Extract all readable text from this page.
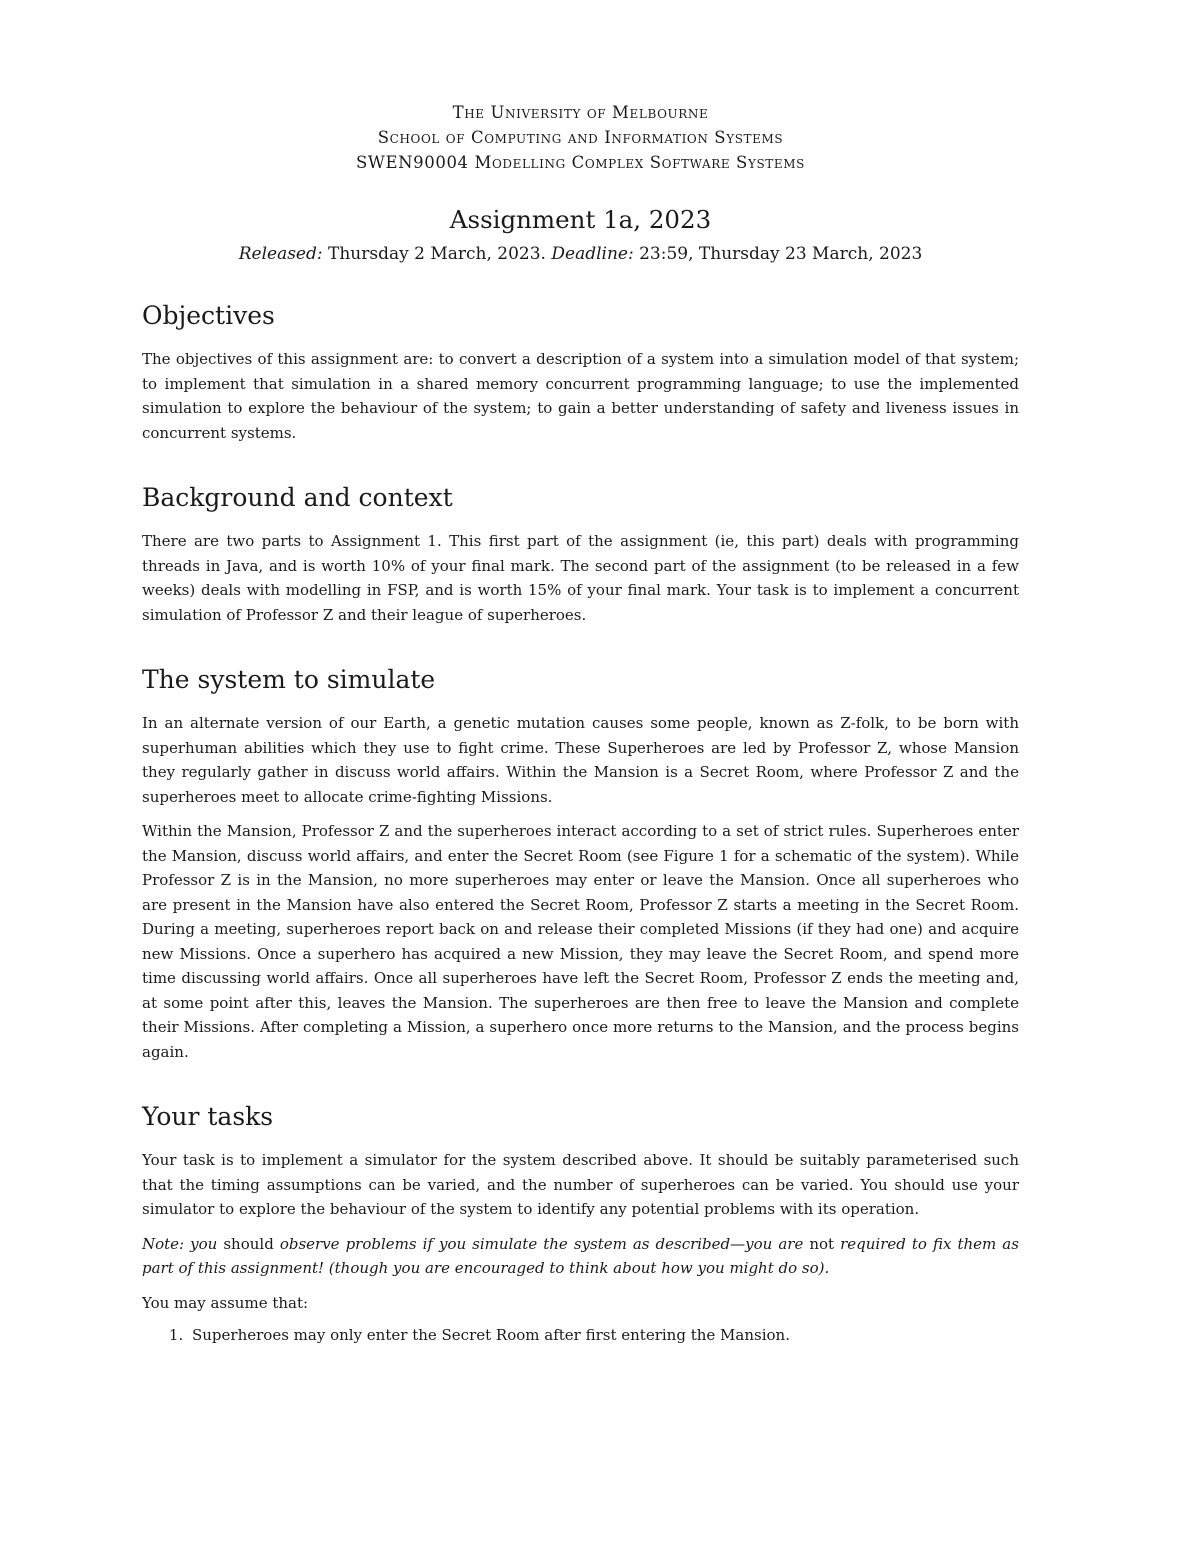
The University of Melbourne
School of Computing and Information Systems
SWEN90004 Modelling Complex Software Systems
Assignment 1a, 2023
Released: Thursday 2 March, 2023. Deadline: 23:59, Thursday 23 March, 2023
Objectives

The objectives of this assignment are: to convert a description of a system into a simulation model of that system; to implement that simulation in a shared memory concurrent programming language; to use the implemented simulation to explore the behaviour of the system; to gain a better understanding of safety and liveness issues in concurrent systems.

Background and context

There are two parts to Assignment 1. This first part of the assignment (ie, this part) deals with programming threads in Java, and is worth 10% of your final mark. The second part of the assignment (to be released in a few weeks) deals with modelling in FSP, and is worth 15% of your final mark. Your task is to implement a concurrent simulation of Professor Z and their league of superheroes.

The system to simulate

In an alternate version of our Earth, a genetic mutation causes some people, known as Z-folk, to be born with superhuman abilities which they use to fight crime. These Superheroes are led by Professor Z, whose Mansion they regularly gather in discuss world affairs. Within the Mansion is a Secret Room, where Professor Z and the superheroes meet to allocate crime-fighting Missions.

Within the Mansion, Professor Z and the superheroes interact according to a set of strict rules. Superheroes enter the Mansion, discuss world affairs, and enter the Secret Room (see Figure 1 for a schematic of the system). While Professor Z is in the Mansion, no more superheroes may enter or leave the Mansion. Once all superheroes who are present in the Mansion have also entered the Secret Room, Professor Z starts a meeting in the Secret Room. During a meeting, superheroes report back on and release their completed Missions (if they had one) and acquire new Missions. Once a superhero has acquired a new Mission, they may leave the Secret Room, and spend more time discussing world affairs. Once all superheroes have left the Secret Room, Professor Z ends the meeting and, at some point after this, leaves the Mansion. The superheroes are then free to leave the Mansion and complete their Missions. After completing a Mission, a superhero once more returns to the Mansion, and the process begins again.

Your tasks

Your task is to implement a simulator for the system described above. It should be suitably parameterised such that the timing assumptions can be varied, and the number of superheroes can be varied. You should use your simulator to explore the behaviour of the system to identify any potential problems with its operation.

Note: you should observe problems if you simulate the system as described—you are not required to fix them as part of this assignment! (though you are encouraged to think about how you might do so).

You may assume that:

1. Superheroes may only enter the Secret Room after first entering the Mansion.
